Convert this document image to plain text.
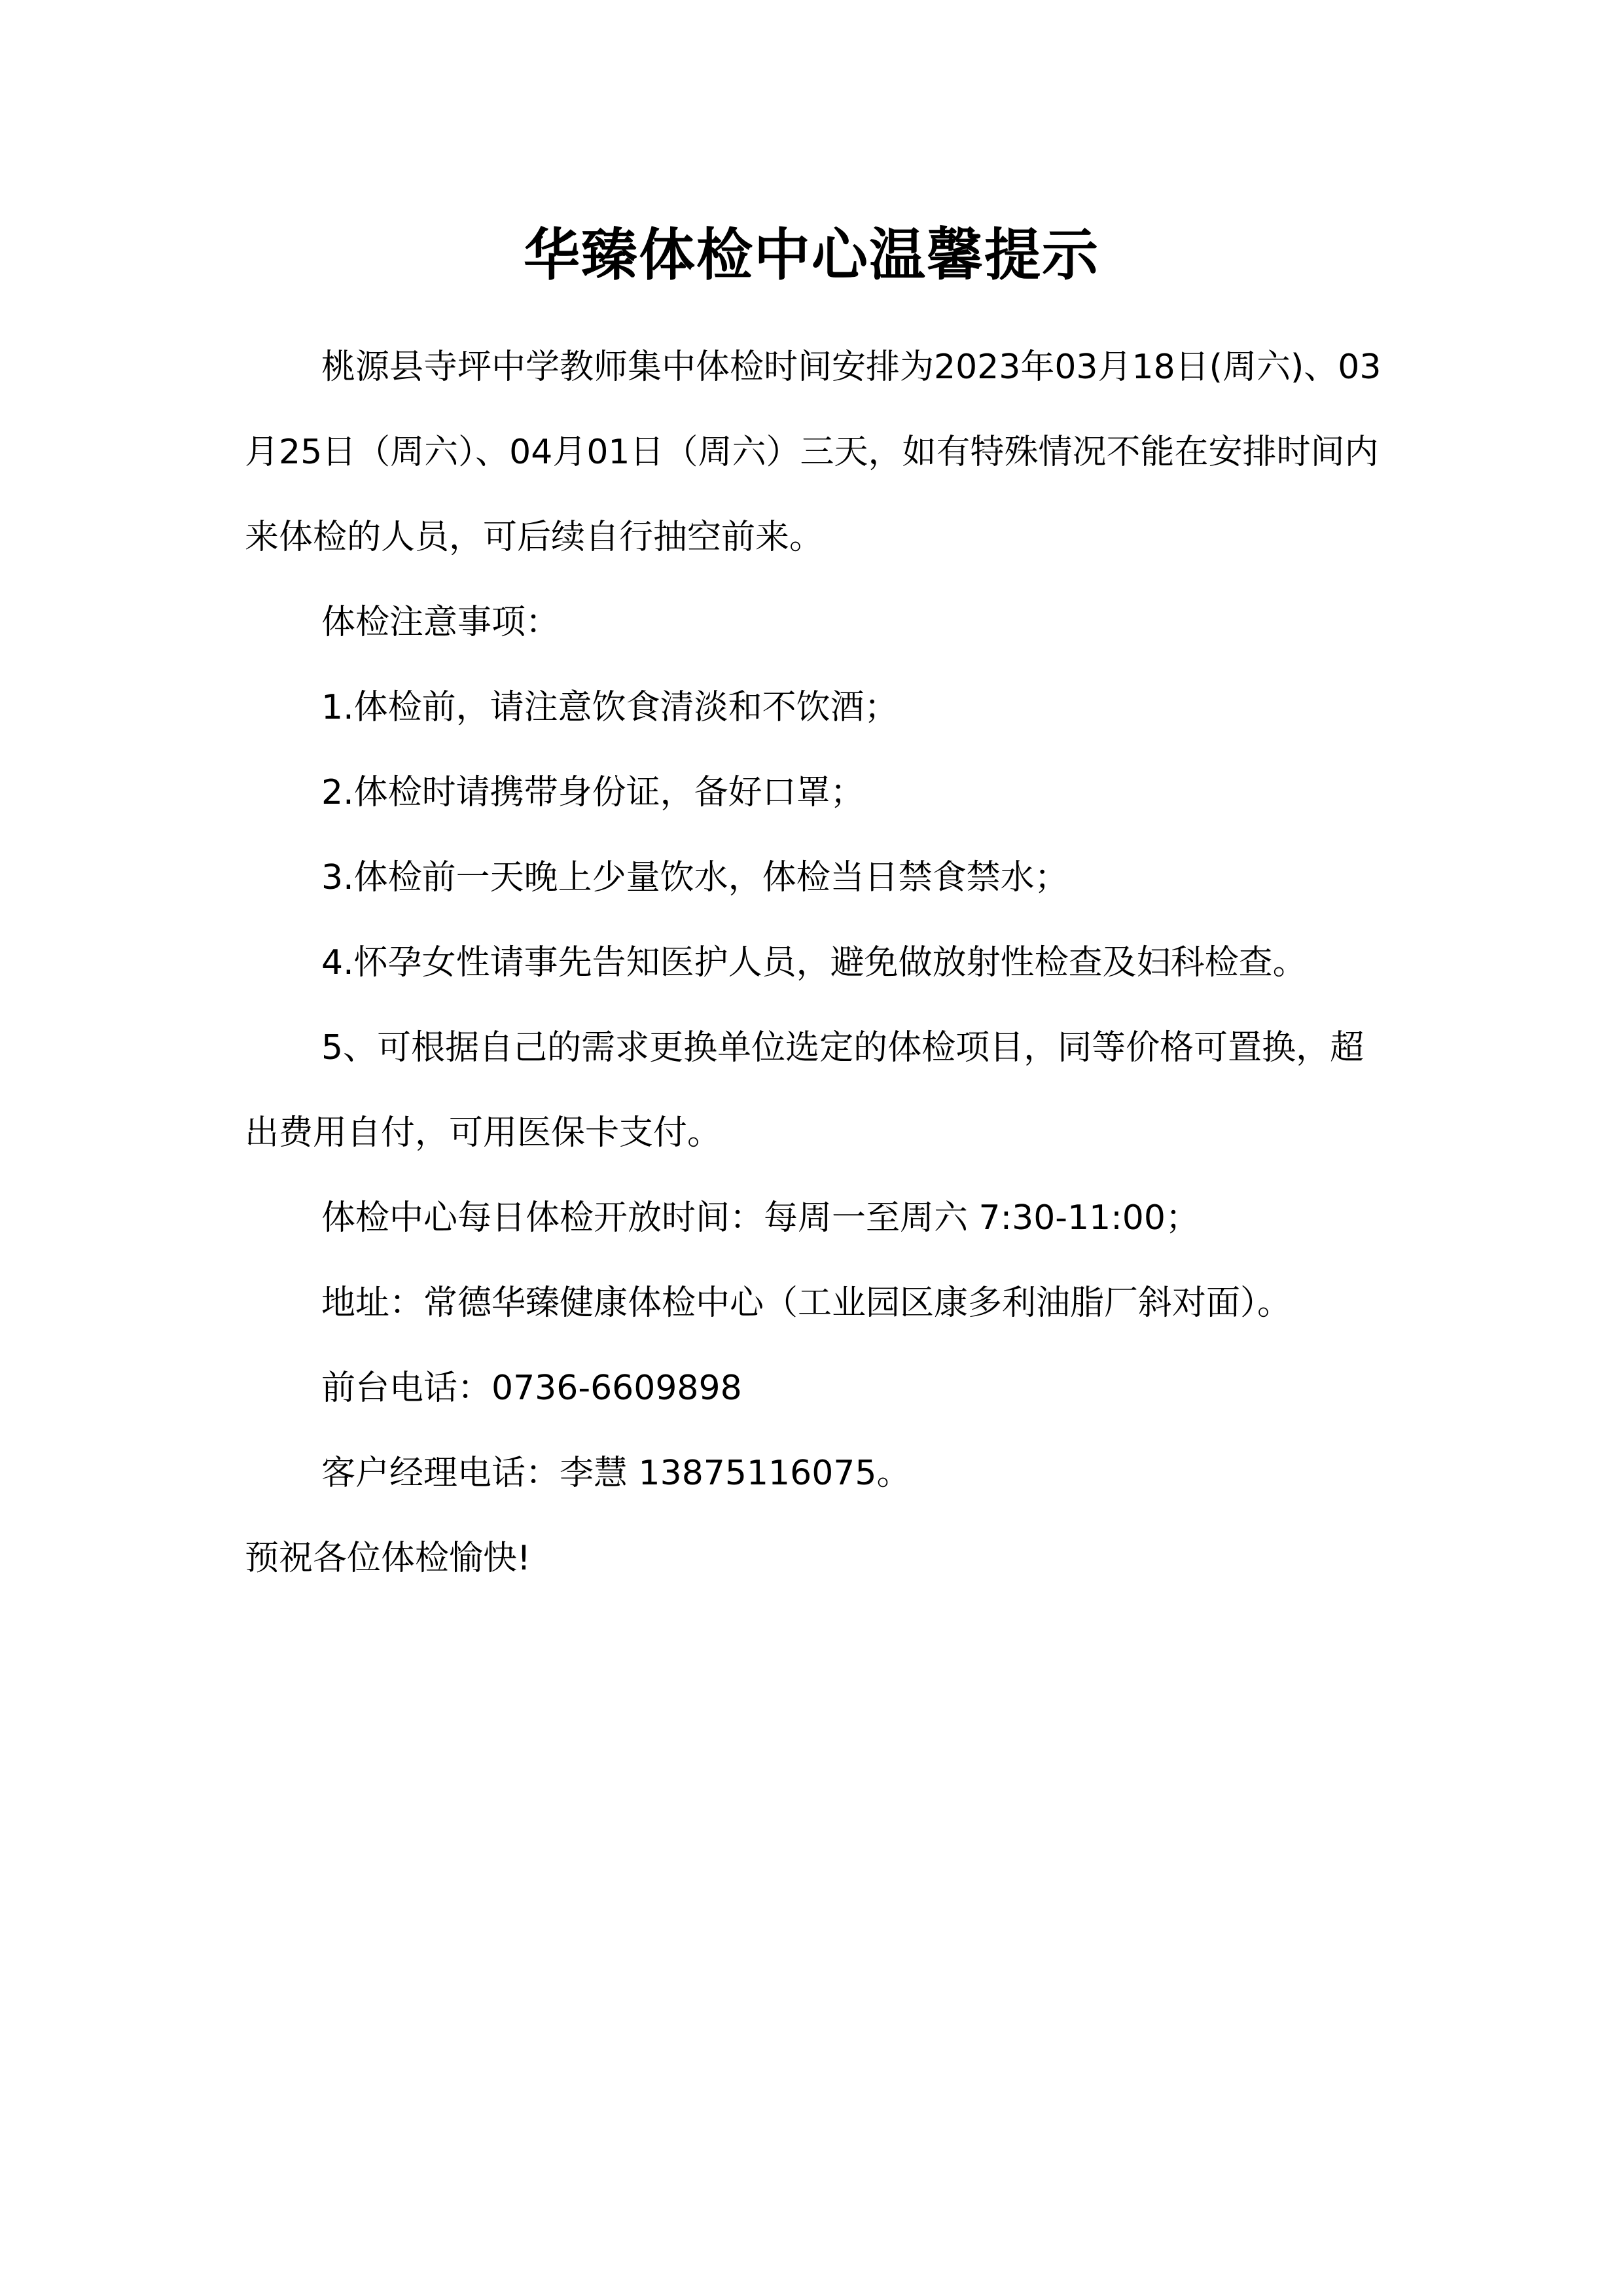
华臻体检中心温馨提示

桃源县寺坪中学教师集中体检时间安排为2023年03月18日(周六)、03月25日（周六）、04月01日（周六）三天，如有特殊情况不能在安排时间内来体检的人员，可后续自行抽空前来。

体检注意事项：

1.体检前，请注意饮食清淡和不饮酒；

2.体检时请携带身份证，备好口罩；

3.体检前一天晚上少量饮水，体检当日禁食禁水；

4.怀孕女性请事先告知医护人员，避免做放射性检查及妇科检查。

5、可根据自己的需求更换单位选定的体检项目，同等价格可置换，超出费用自付，可用医保卡支付。

体检中心每日体检开放时间：每周一至周六 7:30-11:00；

地址：常德华臻健康体检中心（工业园区康多利油脂厂斜对面）。

前台电话：0736-6609898

客户经理电话：李慧 13875116075。

预祝各位体检愉快!
